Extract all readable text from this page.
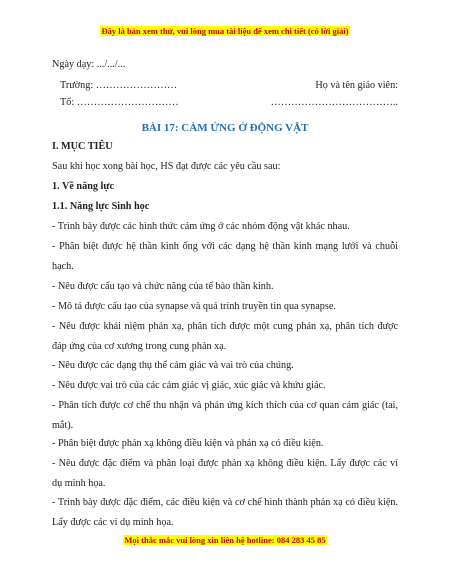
Đây là bản xem thử, vui lòng mua tài liệu để xem chi tiết (có lời giải)
Ngày dạy: .../.../...
Trường: ……………………	Họ và tên giáo viên:
Tổ: …………………………	………………………………..
BÀI 17: CẢM ỨNG Ở ĐỘNG VẬT
I. MỤC TIÊU
Sau khi học xong bài học, HS đạt được các yêu cầu sau:
1. Về năng lực
1.1. Năng lực Sinh học
- Trình bày được các hình thức cảm ứng ở các nhóm động vật khác nhau.
- Phân biệt được hệ thần kinh ống với các dạng hệ thần kinh mạng lưới và chuỗi hạch.
- Nêu được cấu tạo và chức năng của tế bào thần kinh.
- Mô tả được cấu tạo của synapse và quá trình truyền tin qua synapse.
- Nêu được khái niệm phản xạ, phân tích được một cung phản xạ, phân tích được đáp ứng của cơ xương trong cung phản xạ.
- Nêu được các dạng thụ thể cảm giác và vai trò của chúng.
- Nêu được vai trò của các cảm giác vị giác, xúc giác và khứu giác.
- Phân tích được cơ chế thu nhận và phản ứng kích thích của cơ quan cảm giác (tai, mắt).
- Phân biệt được phản xạ không điều kiện và phản xạ có điều kiện.
- Nêu được đặc điểm và phân loại được phản xạ không điều kiện. Lấy được các ví dụ minh họa.
- Trình bày được đặc điểm, các điều kiện và cơ chế hình thành phản xạ có điều kiện. Lấy được các ví dụ minh họa.
Mọi thắc mắc vui lòng xin liên hệ hotline: 084 283 45 85
